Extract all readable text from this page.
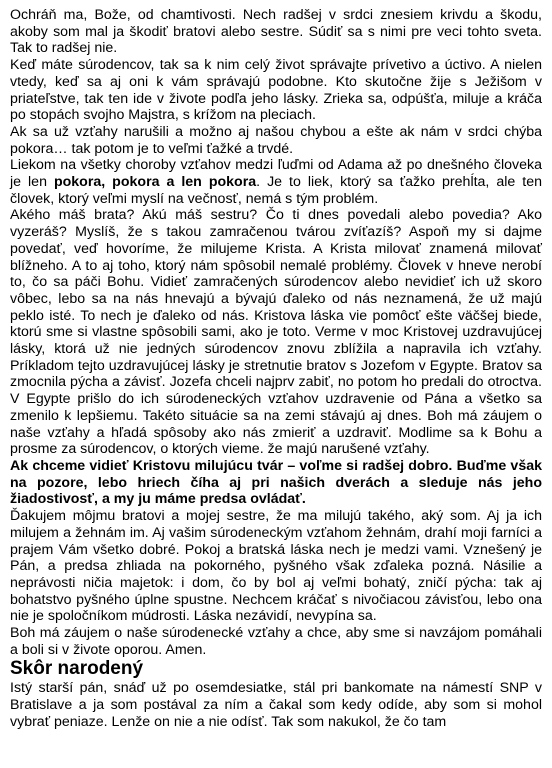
Ochráň ma, Bože, od chamtivosti. Nech radšej v srdci znesiem krivdu a škodu, akoby som mal ja škodiť bratovi alebo sestre. Súdiť sa s nimi pre veci tohto sveta. Tak to radšej nie.

Keď máte súrodencov, tak sa k nim celý život správajte prívetivo a úctivo. A nielen vtedy, keď sa aj oni k vám správajú podobne. Kto skutočne žije s Ježišom v priateľstve, tak ten ide v živote podľa jeho lásky. Zrieka sa, odpúšťa, miluje a kráča po stopách svojho Majstra, s krížom na pleciach.

Ak sa už vzťahy narušili a možno aj našou chybou a ešte ak nám v srdci chýba pokora… tak potom je to veľmi ťažké a trvdé.

Liekom na všetky choroby vzťahov medzi ľuďmi od Adama až po dnešného človeka je len pokora, pokora a len pokora. Je to liek, ktorý sa ťažko prehĺta, ale ten človek, ktorý veľmi myslí na večnosť, nemá s tým problém.

Akého máš brata? Akú máš sestru? Čo ti dnes povedali alebo povedia? Ako vyzeráš? Myslíš, že s takou zamračenou tvárou zvíťazíš? Aspoň my si dajme povedať, veď hovoríme, že milujeme Krista. A Krista milovať znamená milovať blížneho. A to aj toho, ktorý nám spôsobil nemalé problémy. Človek v hneve nerobí to, čo sa páči Bohu. Vidieť zamračených súrodencov alebo nevidieť ich už skoro vôbec, lebo sa na nás hnevajú a bývajú ďaleko od nás neznamená, že už majú peklo isté. To nech je ďaleko od nás. Kristova láska vie pomôcť ešte väčšej biede, ktorú sme si vlastne spôsobili sami, ako je toto. Verme v moc Kristovej uzdravujúcej lásky, ktorá už nie jedných súrodencov znovu zblížila a napravila ich vzťahy. Príkladom tejto uzdravujúcej lásky je stretnutie bratov s Jozefom v Egypte. Bratov sa zmocnila pýcha a závisť. Jozefa chceli najprv zabiť, no potom ho predali do otroctva. V Egypte prišlo do ich súrodeneckých vzťahov uzdravenie od Pána a všetko sa zmenilo k lepšiemu. Takéto situácie sa na zemi stávajú aj dnes. Boh má záujem o naše vzťahy a hľadá spôsoby ako nás zmieriť a uzdraviť. Modlime sa k Bohu a prosme za súrodencov, o ktorých vieme. že majú narušené vzťahy.

Ak chceme vidieť Kristovu milujúcu tvár – voľme si radšej dobro. Buďme však na pozore, lebo hriech číha aj pri našich dverách a sleduje nás jeho žiadostivosť, a my ju máme predsa ovládať.

Ďakujem môjmu bratovi a mojej sestre, že ma milujú takého, aký som. Aj ja ich milujem a žehnám im. Aj vašim súrodeneckým vzťahom žehnám, drahí moji farníci a prajem Vám všetko dobré. Pokoj a bratská láska nech je medzi vami. Vznešený je Pán, a predsa zhliada na pokorného, pyšného však zďaleka pozná. Násilie a neprávosti ničia majetok: i dom, čo by bol aj veľmi bohatý, zničí pýcha: tak aj bohatstvo pyšného úplne spustne. Nechcem kráčať s nivočiacou závisťou, lebo ona nie je spoločníkom múdrosti. Láska nezávidí, nevypína sa.

Boh má záujem o naše súrodenecké vzťahy a chce, aby sme si navzájom pomáhali a boli si v živote oporou. Amen.

Skôr narodený

Istý starší pán, snáď už po osemdesiatke, stál pri bankomate na námestí SNP v Bratislave a ja som postával za ním a čakal som kedy odíde, aby som si mohol vybrať peniaze. Lenže on nie a nie odísť. Tak som nakukol, že čo tam
